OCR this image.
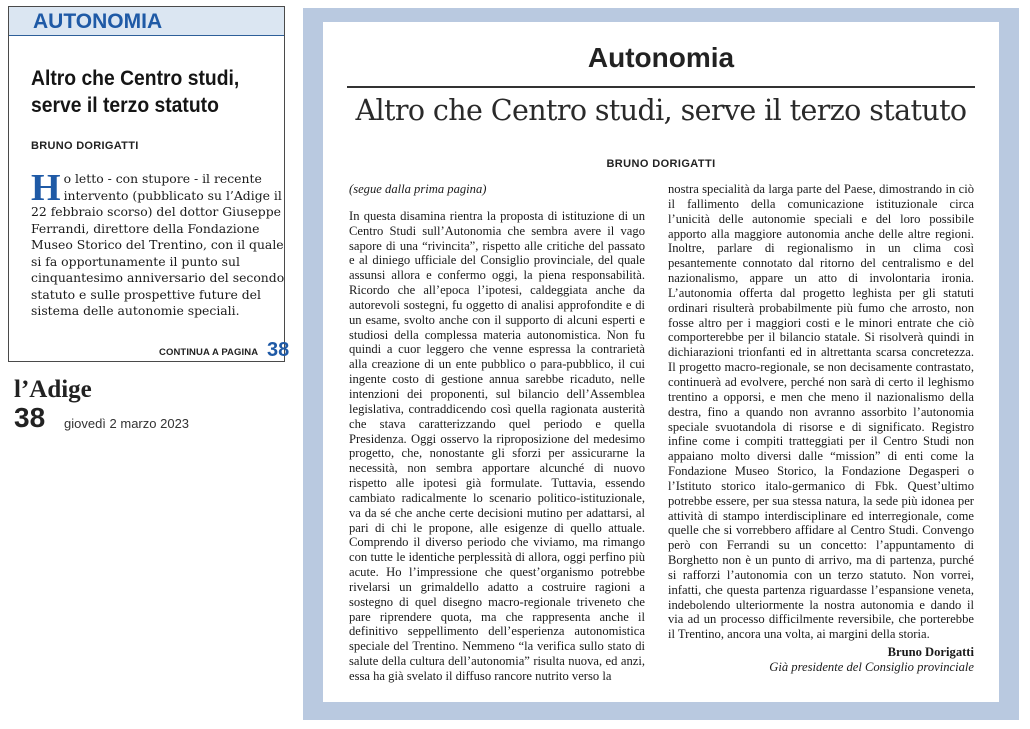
AUTONOMIA
Altro che Centro studi, serve il terzo statuto
BRUNO DORIGATTI
Ho letto - con stupore - il recente intervento (pubblicato su l’Adige il 22 febbraio scorso) del dottor Giuseppe Ferrandi, direttore della Fondazione Museo Storico del Trentino, con il quale si fa opportunamente il punto sul cinquantesimo anniversario del secondo statuto e sulle prospettive future del sistema delle autonomie speciali.
CONTINUA A PAGINA 38
l’Adige
38 giovedì 2 marzo 2023
Autonomia
Altro che Centro studi, serve il terzo statuto
BRUNO DORIGATTI

(segue dalla prima pagina)

In questa disamina rientra la proposta di istituzione di un Centro Studi sull’Autonomia che sembra avere il vago sapore di una “rivincita”, rispetto alle critiche del passato e al diniego ufficiale del Consiglio provinciale, del quale assunsi allora e confermo oggi, la piena responsabilità. Ricordo che all’epoca l’ipotesi, caldeggiata anche da autorevoli sostegni, fu oggetto di analisi approfondite e di un esame, svolto anche con il supporto di alcuni esperti e studiosi della complessa materia autonomistica. Non fu quindi a cuor leggero che venne espressa la contrarietà alla creazione di un ente pubblico o para-pubblico, il cui ingente costo di gestione annua sarebbe ricaduto, nelle intenzioni dei proponenti, sul bilancio dell’Assemblea legislativa, contraddicendo così quella ragionata austerità che stava caratterizzando quel periodo e quella Presidenza. Oggi osservo la riproposizione del medesimo progetto, che, nonostante gli sforzi per assicurarne la necessità, non sembra apportare alcunché di nuovo rispetto alle ipotesi già formulate. Tuttavia, essendo cambiato radicalmente lo scenario politico-istituzionale, va da sé che anche certe decisioni mutino per adattarsi, al pari di chi le propone, alle esigenze di quello attuale. Comprendo il diverso periodo che viviamo, ma rimango con tutte le identiche perplessità di allora, oggi perfino più acute. Ho l’impressione che quest’organismo potrebbe rivelarsi un grimaldello adatto a costruire ragioni a sostegno di quel disegno macro-regionale triveneto che pare riprendere quota, ma che rappresenta anche il definitivo seppellimento dell’esperienza autonomistica speciale del Trentino. Nemmeno “la verifica sullo stato di salute della cultura dell’autonomia” risulta nuova, ed anzi, essa ha già svelato il diffuso rancore nutrito verso la

nostra specialità da larga parte del Paese, dimostrando in ciò il fallimento della comunicazione istituzionale circa l’unicità delle autonomie speciali e del loro possibile apporto alla maggiore autonomia anche delle altre regioni. Inoltre, parlare di regionalismo in un clima così pesantemente connotato dal ritorno del centralismo e del nazionalismo, appare un atto di involontaria ironia. L’autonomia offerta dal progetto leghista per gli statuti ordinari risulterà probabilmente più fumo che arrosto, non fosse altro per i maggiori costi e le minori entrate che ciò comporterebbe per il bilancio statale. Si risolverà quindi in dichiarazioni trionfanti ed in altrettanta scarsa concretezza. Il progetto macro-regionale, se non decisamente contrastato, continuerà ad evolvere, perché non sarà di certo il leghismo trentino a opporsi, e men che meno il nazionalismo della destra, fino a quando non avranno assorbito l’autonomia speciale svuotandola di risorse e di significato. Registro infine come i compiti tratteggiati per il Centro Studi non appaiano molto diversi dalle “mission” di enti come la Fondazione Museo Storico, la Fondazione Degasperi o l’Istituto storico italo-germanico di Fbk. Quest’ultimo potrebbe essere, per sua stessa natura, la sede più idonea per attività di stampo interdisciplinare ed interregionale, come quelle che si vorrebbero affidare al Centro Studi. Convengo però con Ferrandi su un concetto: l’appuntamento di Borghetto non è un punto di arrivo, ma di partenza, purché si rafforzi l’autonomia con un terzo statuto. Non vorrei, infatti, che questa partenza riguardasse l’espansione veneta, indebolendo ulteriormente la nostra autonomia e dando il via ad un processo difficilmente reversibile, che porterebbe il Trentino, ancora una volta, ai margini della storia.

Bruno Dorigatti
Già presidente del Consiglio provinciale
